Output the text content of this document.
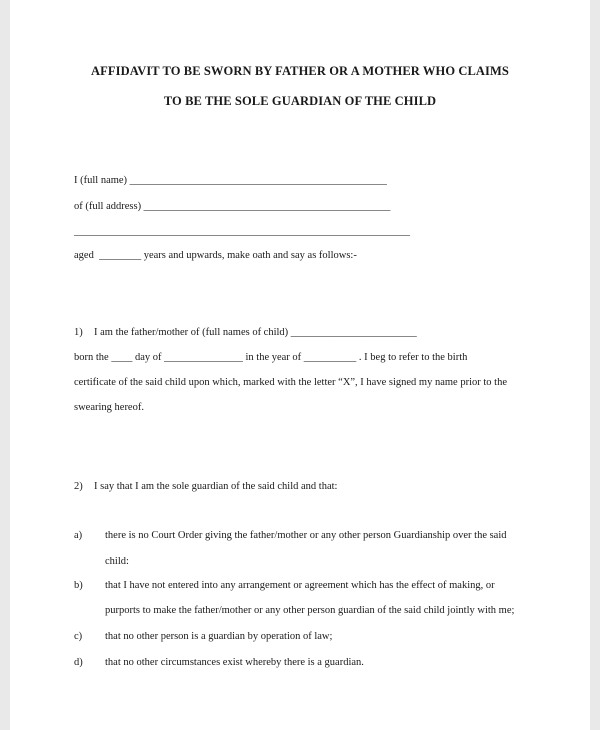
AFFIDAVIT TO BE SWORN BY FATHER OR A MOTHER WHO CLAIMS
TO BE THE SOLE GUARDIAN OF THE CHILD
I (full name) _________________________________________________
of (full address) _______________________________________________
________________________________________________________________
aged  ________ years and upwards, make oath and say as follows:-
1) I am the father/mother of (full names of child) ________________________
born the ____ day of _______________ in the year of __________ . I beg to refer to the birth
certificate of the said child upon which, marked with the letter “X”, I have signed my name prior to the
swearing hereof.
2) I say that I am the sole guardian of the said child and that:
a) there is no Court Order giving the father/mother or any other person Guardianship over the said
child:
b) that I have not entered into any arrangement or agreement which has the effect of making, or
purports to make the father/mother or any other person guardian of the said child jointly with me;
c) that no other person is a guardian by operation of law;
d) that no other circumstances exist whereby there is a guardian.
